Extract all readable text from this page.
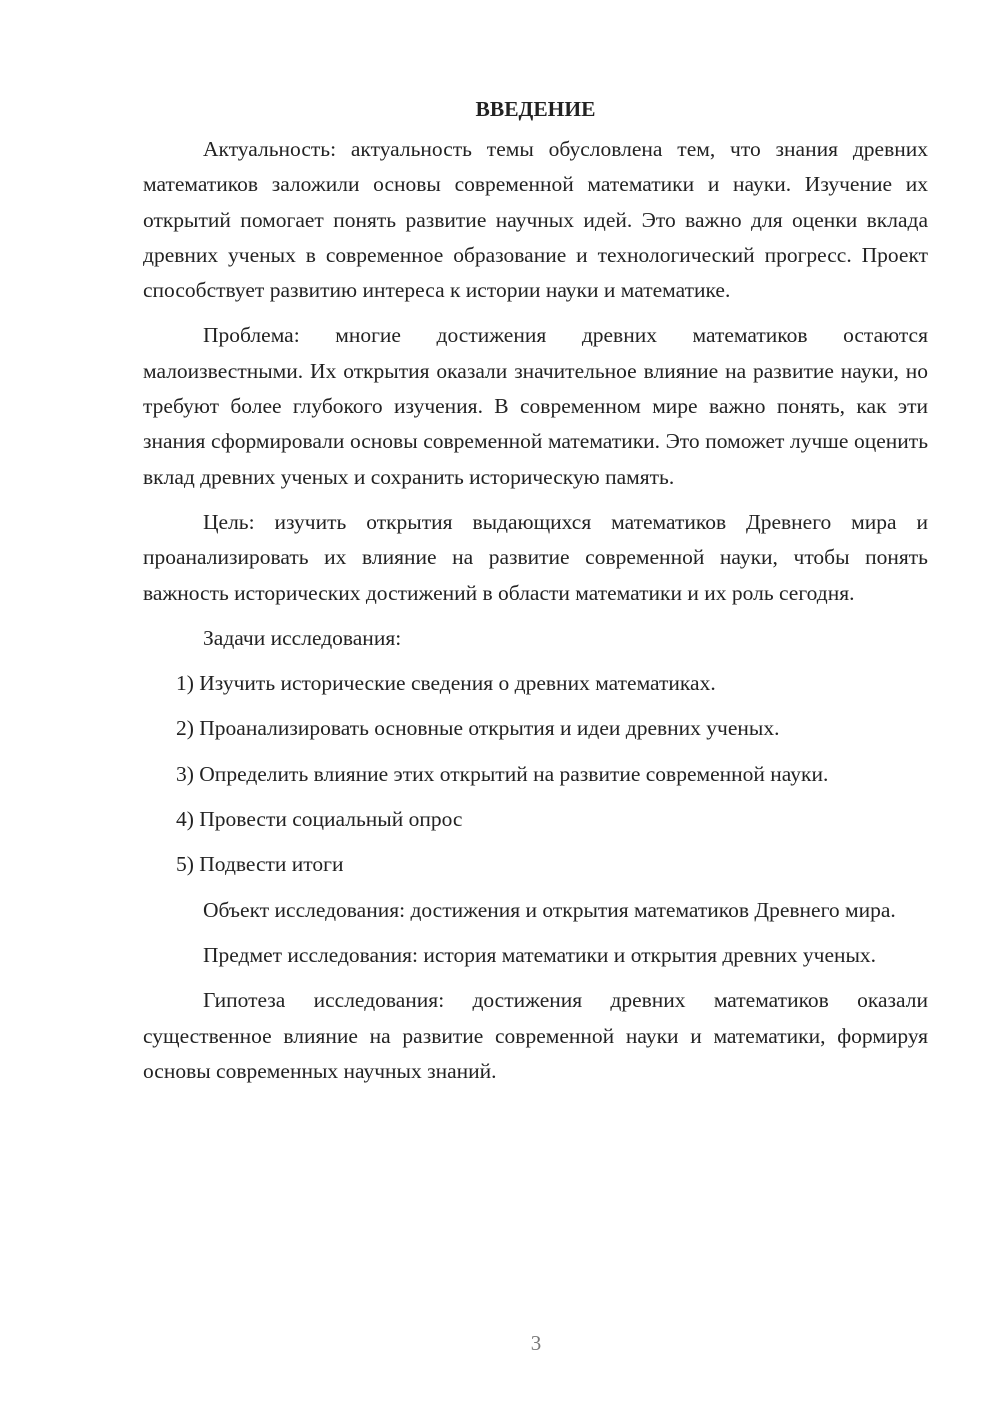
ВВЕДЕНИЕ

Актуальность: актуальность темы обусловлена тем, что знания древних математиков заложили основы современной математики и науки. Изучение их открытий помогает понять развитие научных идей. Это важно для оценки вклада древних ученых в современное образование и технологический прогресс. Проект способствует развитию интереса к истории науки и математике.

Проблема: многие достижения древних математиков остаются малоизвестными. Их открытия оказали значительное влияние на развитие науки, но требуют более глубокого изучения. В современном мире важно понять, как эти знания сформировали основы современной математики. Это поможет лучше оценить вклад древних ученых и сохранить историческую память.

Цель: изучить открытия выдающихся математиков Древнего мира и проанализировать их влияние на развитие современной науки, чтобы понять важность исторических достижений в области математики и их роль сегодня.

Задачи исследования:

1) Изучить исторические сведения о древних математиках.

2) Проанализировать основные открытия и идеи древних ученых.

3) Определить влияние этих открытий на развитие современной науки.

4) Провести социальный опрос

5) Подвести итоги

Объект исследования: достижения и открытия математиков Древнего мира.

Предмет исследования: история математики и открытия древних ученых.

Гипотеза исследования: достижения древних математиков оказали существенное влияние на развитие современной науки и математики, формируя основы современных научных знаний.

3
